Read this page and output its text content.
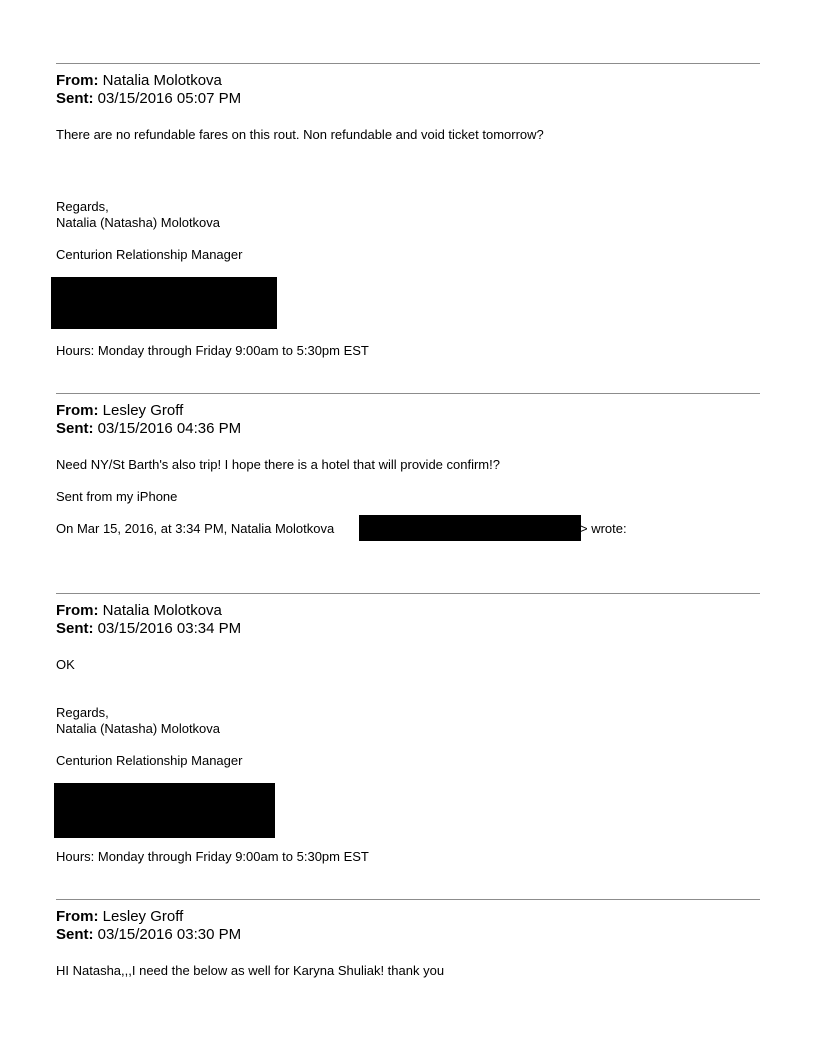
From: Natalia Molotkova
Sent: 03/15/2016 05:07 PM
There are no refundable fares on this rout. Non refundable and void ticket tomorrow?
Regards,
Natalia (Natasha) Molotkova
Centurion Relationship Manager
Hours: Monday through Friday 9:00am to 5:30pm EST
From: Lesley Groff
Sent: 03/15/2016 04:36 PM
Need NY/St Barth's also trip! I hope there is a hotel that will provide confirm!?
Sent from my iPhone
On Mar 15, 2016, at 3:34 PM, Natalia Molotkova	> wrote:
From: Natalia Molotkova
Sent: 03/15/2016 03:34 PM
OK
Regards,
Natalia (Natasha) Molotkova
Centurion Relationship Manager
Hours: Monday through Friday 9:00am to 5:30pm EST
From: Lesley Groff
Sent: 03/15/2016 03:30 PM
HI Natasha,,,I need the below as well for Karyna Shuliak! thank you
